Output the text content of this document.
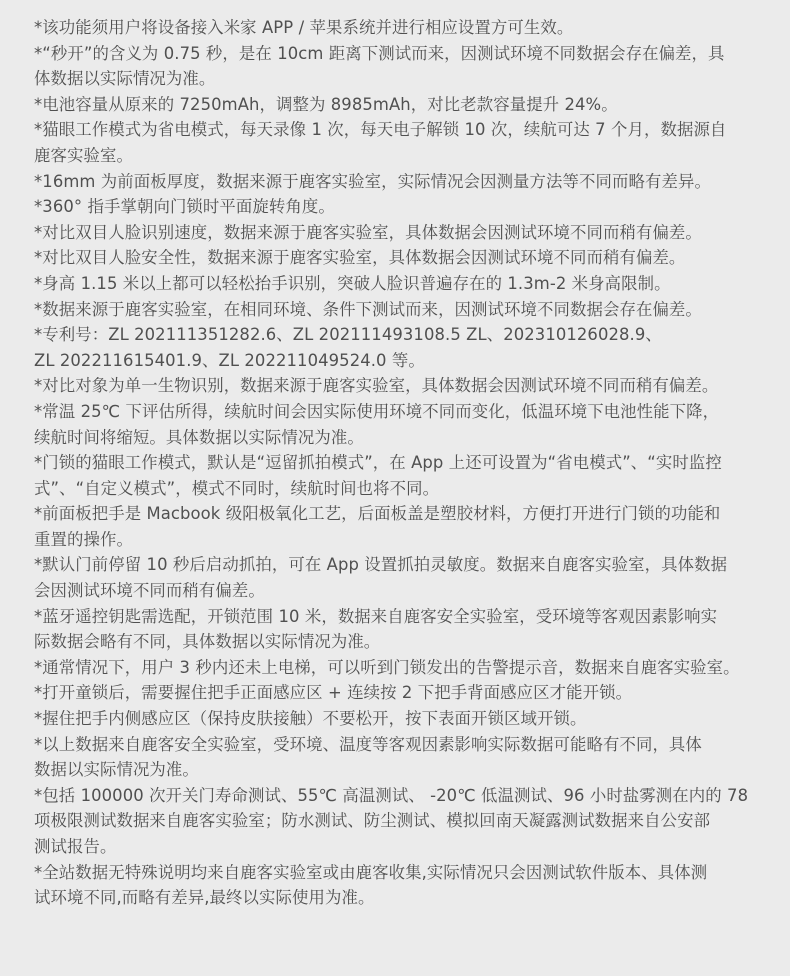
*该功能须用户将设备接入米家 APP / 苹果系统并进行相应设置方可生效。

*“秒开”的含义为 0.75 秒，是在 10cm 距离下测试而来，因测试环境不同数据会存在偏差，具
体数据以实际情况为准。

*电池容量从原来的 7250mAh，调整为 8985mAh，对比老款容量提升 24%。

*猫眼工作模式为省电模式，每天录像 1 次，每天电子解锁 10 次，续航可达 7 个月，数据源自
鹿客实验室。

*16mm 为前面板厚度，数据来源于鹿客实验室，实际情况会因测量方法等不同而略有差异。

*360° 指手掌朝向门锁时平面旋转角度。

*对比双目人脸识别速度，数据来源于鹿客实验室，具体数据会因测试环境不同而稍有偏差。

*对比双目人脸安全性，数据来源于鹿客实验室，具体数据会因测试环境不同而稍有偏差。

*身高 1.15 米以上都可以轻松抬手识别，突破人脸识普遍存在的 1.3m-2 米身高限制。

*数据来源于鹿客实验室，在相同环境、条件下测试而来，因测试环境不同数据会存在偏差。

*专利号：ZL 202111351282.6、ZL 202111493108.5 ZL、202310126028.9、
ZL 202211615401.9、ZL 202211049524.0 等。

*对比对象为单一生物识别，数据来源于鹿客实验室，具体数据会因测试环境不同而稍有偏差。

*常温 25℃ 下评估所得，续航时间会因实际使用环境不同而变化，低温环境下电池性能下降，
续航时间将缩短。具体数据以实际情况为准。

*门锁的猫眼工作模式，默认是“逗留抓拍模式”，在 App 上还可设置为“省电模式”、“实时监控
式”、“自定义模式”，模式不同时，续航时间也将不同。

*前面板把手是 Macbook 级阳极氧化工艺，后面板盖是塑胶材料，方便打开进行门锁的功能和
重置的操作。

*默认门前停留 10 秒后启动抓拍，可在 App 设置抓拍灵敏度。数据来自鹿客实验室，具体数据
会因测试环境不同而稍有偏差。

*蓝牙遥控钥匙需选配，开锁范围 10 米，数据来自鹿客安全实验室，受环境等客观因素影响实
际数据会略有不同，具体数据以实际情况为准。

*通常情况下，用户 3 秒内还未上电梯，可以听到门锁发出的告警提示音，数据来自鹿客实验室。

*打开童锁后，需要握住把手正面感应区 + 连续按 2 下把手背面感应区才能开锁。

*握住把手内侧感应区（保持皮肤接触）不要松开，按下表面开锁区域开锁。

*以上数据来自鹿客安全实验室，受环境、温度等客观因素影响实际数据可能略有不同，具体
数据以实际情况为准。

*包括 100000 次开关门寿命测试、55℃ 高温测试、 -20℃ 低温测试、96 小时盐雾测在内的 78
项极限测试数据来自鹿客实验室；防水测试、防尘测试、模拟回南天凝露测试数据来自公安部
测试报告。

*全站数据无特殊说明均来自鹿客实验室或由鹿客收集,实际情况只会因测试软件版本、具体测
试环境不同,而略有差异,最终以实际使用为准。
